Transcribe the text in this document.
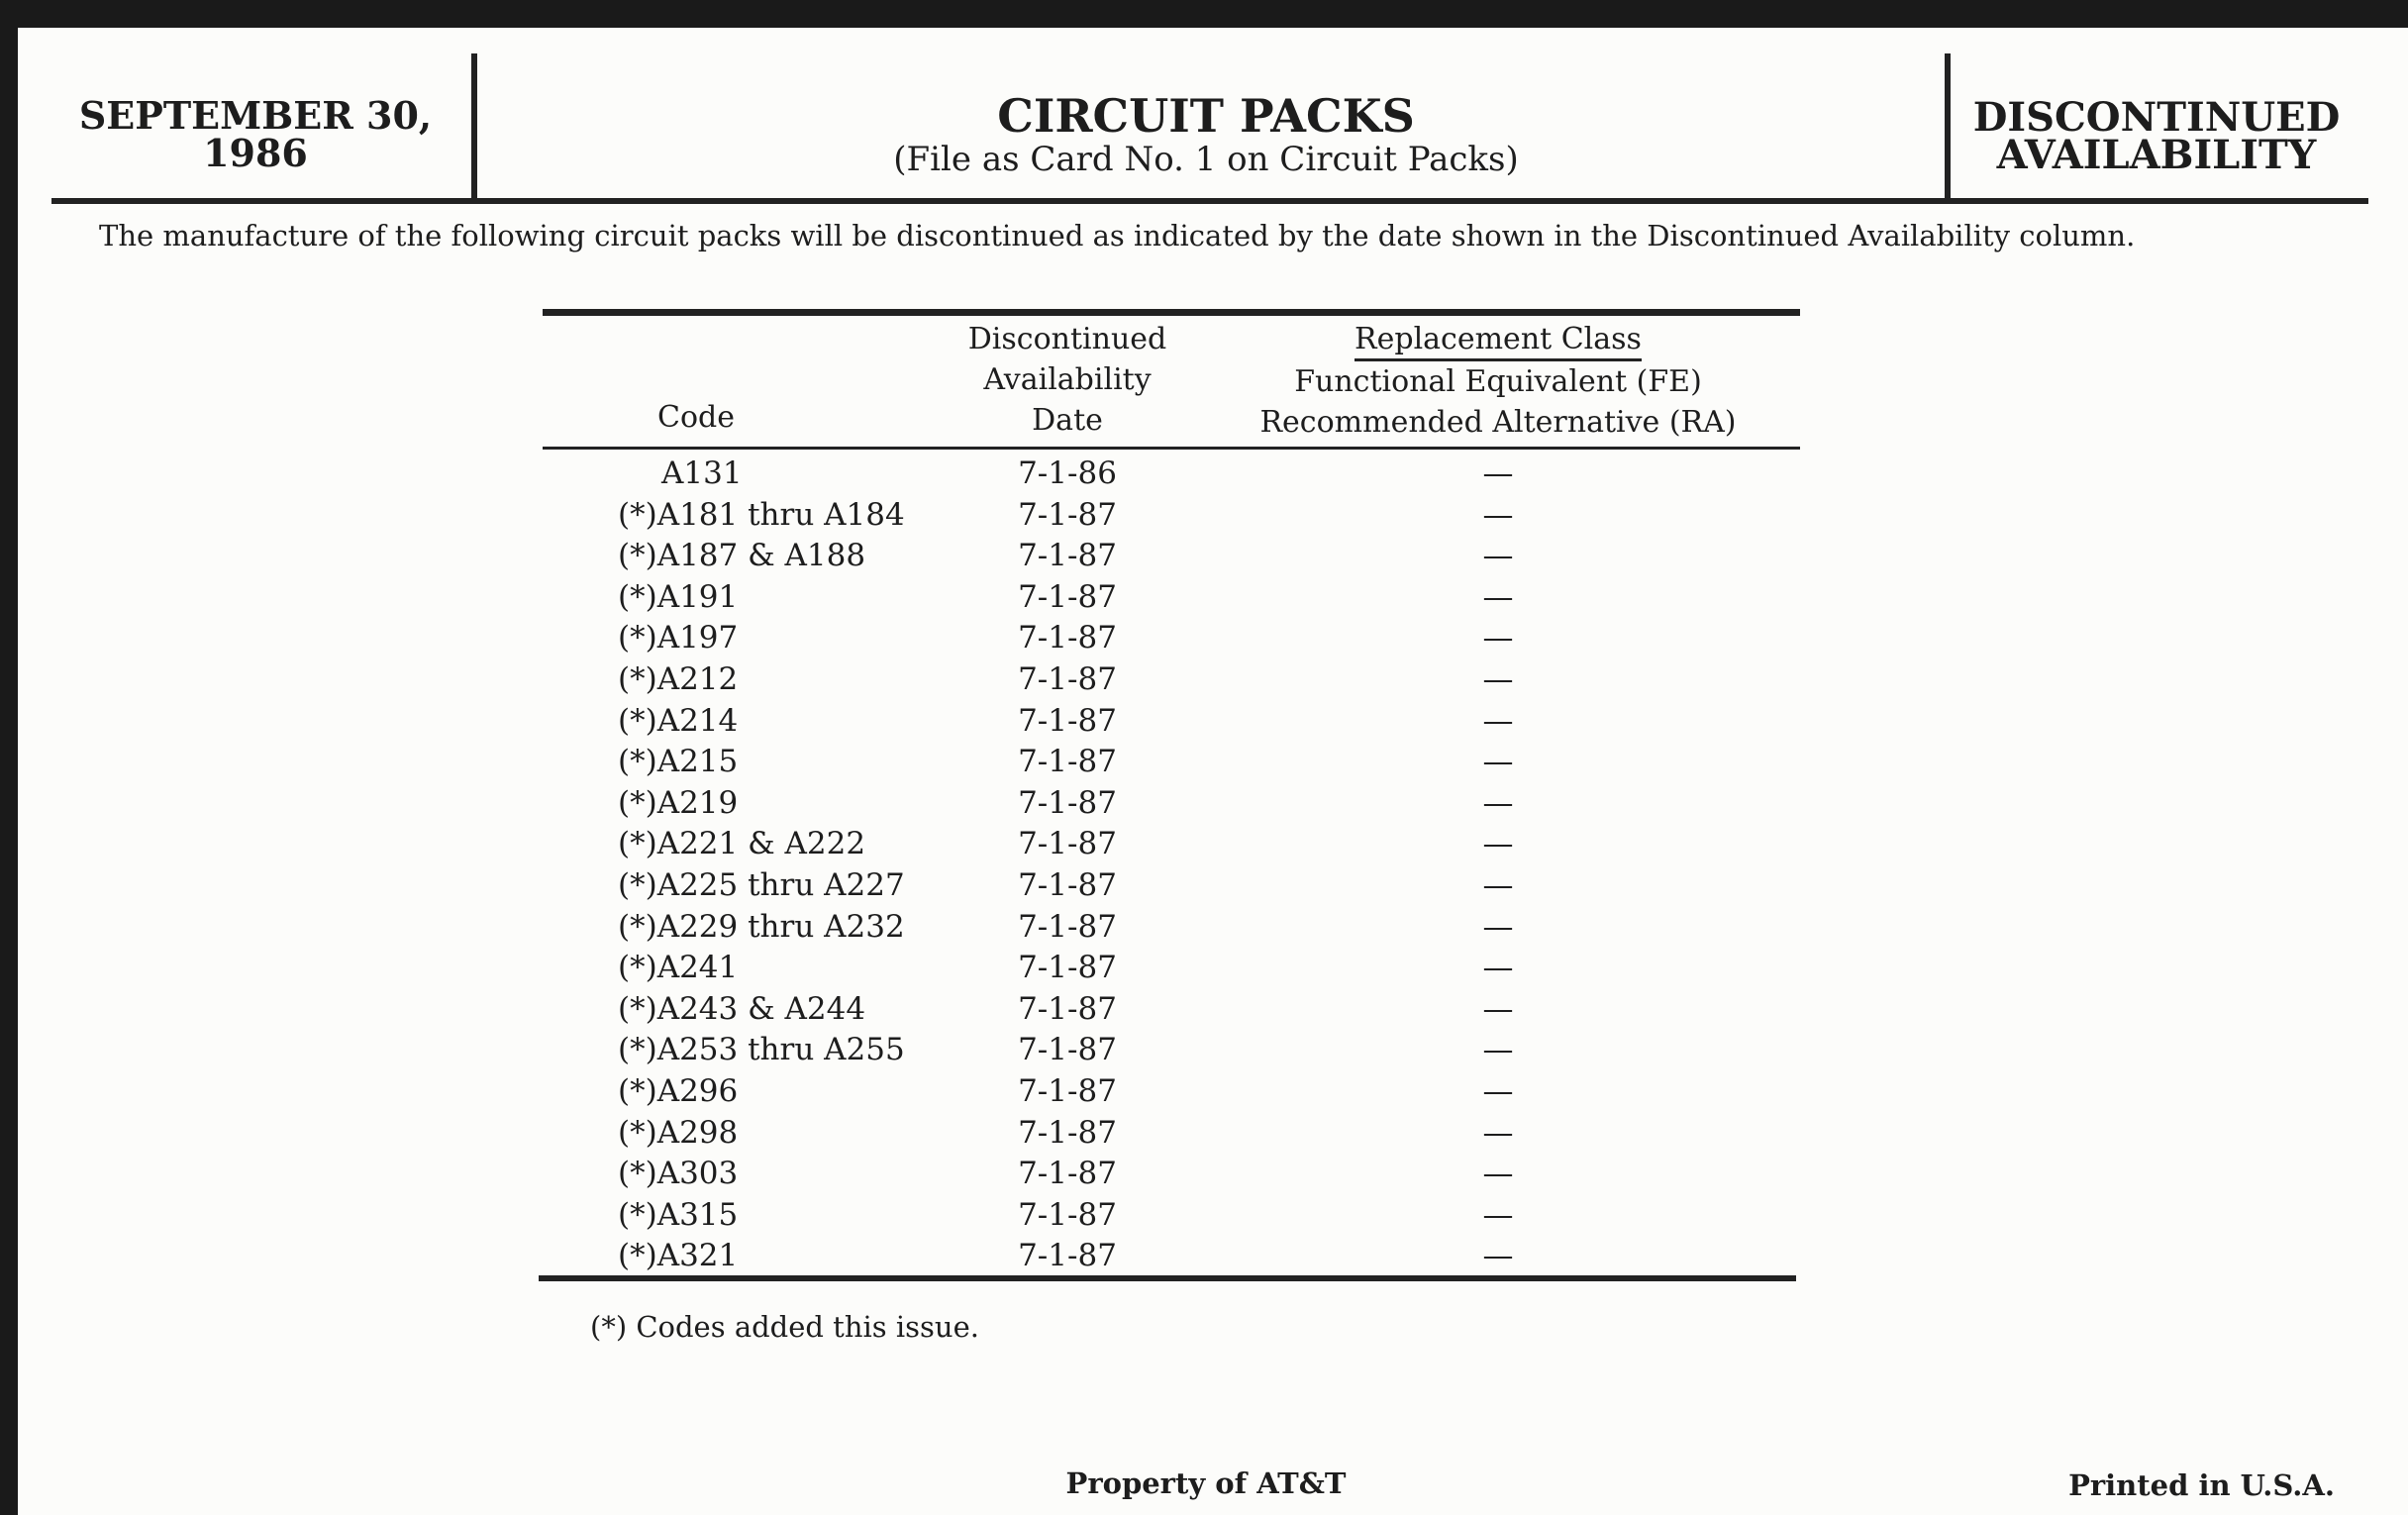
SEPTEMBER 30,
1986
CIRCUIT PACKS
(File as Card No. 1 on Circuit Packs)
DISCONTINUED
AVAILABILITY
The manufacture of the following circuit packs will be discontinued as indicated by the date shown in the Discontinued Availability column.
Code
Discontinued
Availability
Date
Replacement Class
Functional Equivalent (FE)
Recommended Alternative (RA)
A131	7-1-86	—
(*)A181 thru A184	7-1-87	—
(*)A187 & A188	7-1-87	—
(*)A191	7-1-87	—
(*)A197	7-1-87	—
(*)A212	7-1-87	—
(*)A214	7-1-87	—
(*)A215	7-1-87	—
(*)A219	7-1-87	—
(*)A221 & A222	7-1-87	—
(*)A225 thru A227	7-1-87	—
(*)A229 thru A232	7-1-87	—
(*)A241	7-1-87	—
(*)A243 & A244	7-1-87	—
(*)A253 thru A255	7-1-87	—
(*)A296	7-1-87	—
(*)A298	7-1-87	—
(*)A303	7-1-87	—
(*)A315	7-1-87	—
(*)A321	7-1-87	—
(*) Codes added this issue.
Property of AT&T	Printed in U.S.A.
